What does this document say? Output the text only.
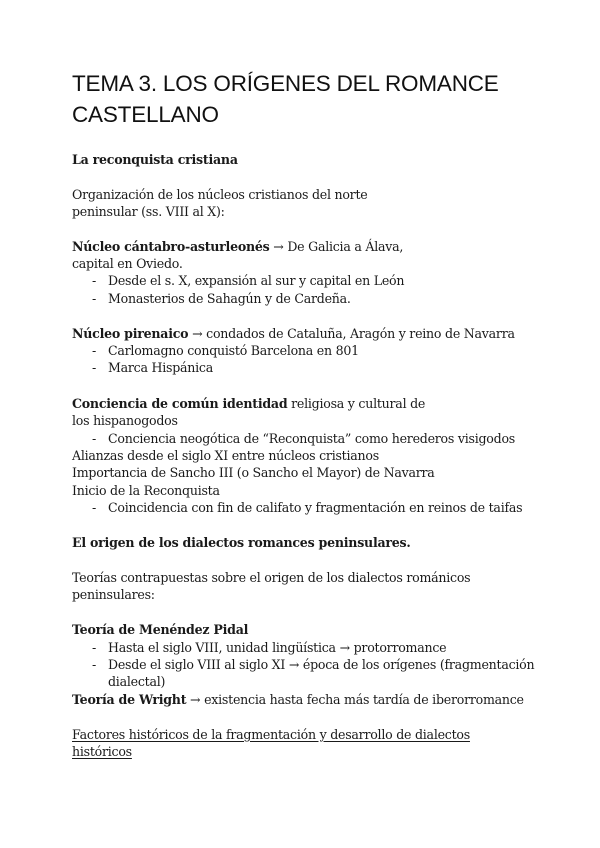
TEMA 3. LOS ORÍGENES DEL ROMANCE
CASTELLANO
La reconquista cristiana
Organización de los núcleos cristianos del norte
peninsular (ss. VIII al X):
Núcleo cántabro-asturleonés → De Galicia a Álava,
capital en Oviedo.
- Desde el s. X, expansión al sur y capital en León
- Monasterios de Sahagún y de Cardeña.
Núcleo pirenaico → condados de Cataluña, Aragón y reino de Navarra
- Carlomagno conquistó Barcelona en 801
- Marca Hispánica
Conciencia de común identidad religiosa y cultural de
los hispanogodos
- Conciencia neogótica de “Reconquista” como herederos visigodos
Alianzas desde el siglo XI entre núcleos cristianos
Importancia de Sancho III (o Sancho el Mayor) de Navarra
Inicio de la Reconquista
- Coincidencia con fin de califato y fragmentación en reinos de taifas
El origen de los dialectos romances peninsulares.
Teorías contrapuestas sobre el origen de los dialectos románicos
peninsulares:
Teoría de Menéndez Pidal
- Hasta el siglo VIII, unidad lingüística → protorromance
- Desde el siglo VIII al siglo XI → época de los orígenes (fragmentación
dialectal)
Teoría de Wright → existencia hasta fecha más tardía de iberorromance
Factores históricos de la fragmentación y desarrollo de dialectos
históricos
